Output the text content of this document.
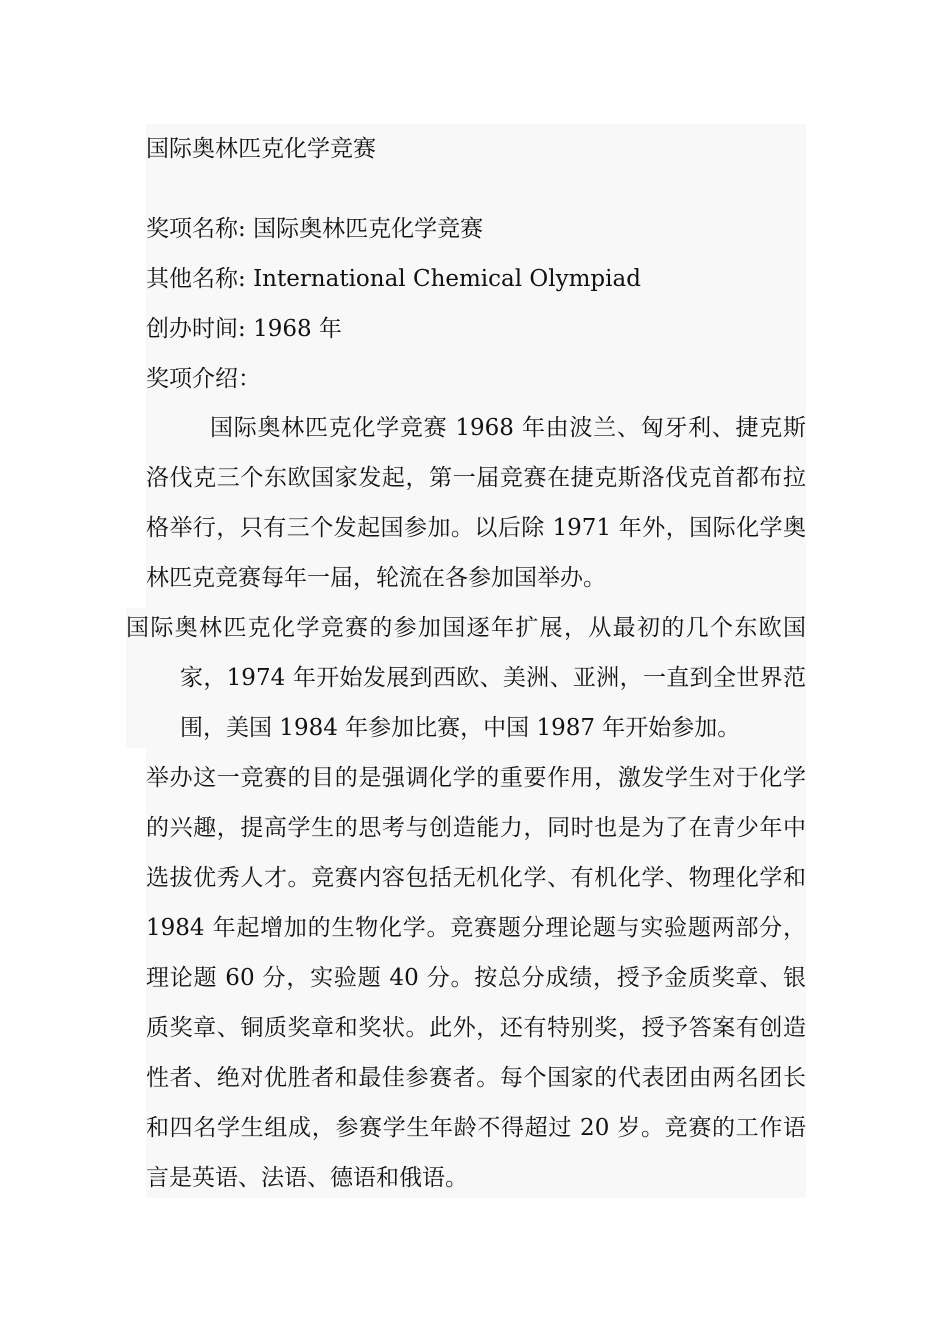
国际奥林匹克化学竞赛
奖项名称: 国际奥林匹克化学竞赛
其他名称: International Chemical Olympiad
创办时间: 1968 年
奖项介绍：

国际奥林匹克化学竞赛 1968 年由波兰、匈牙利、捷克斯洛伐克三个东欧国家发起，第一届竞赛在捷克斯洛伐克首都布拉格举行，只有三个发起国参加。以后除 1971 年外，国际化学奥林匹克竞赛每年一届，轮流在各参加国举办。

国际奥林匹克化学竞赛的参加国逐年扩展，从最初的几个东欧国家，1974 年开始发展到西欧、美洲、亚洲，一直到全世界范围，美国 1984 年参加比赛，中国 1987 年开始参加。

举办这一竞赛的目的是强调化学的重要作用，激发学生对于化学的兴趣，提高学生的思考与创造能力，同时也是为了在青少年中选拔优秀人才。竞赛内容包括无机化学、有机化学、物理化学和 1984 年起增加的生物化学。竞赛题分理论题与实验题两部分，理论题 60 分，实验题 40 分。按总分成绩，授予金质奖章、银质奖章、铜质奖章和奖状。此外，还有特别奖，授予答案有创造性者、绝对优胜者和最佳参赛者。每个国家的代表团由两名团长和四名学生组成，参赛学生年龄不得超过 20 岁。竞赛的工作语言是英语、法语、德语和俄语。
